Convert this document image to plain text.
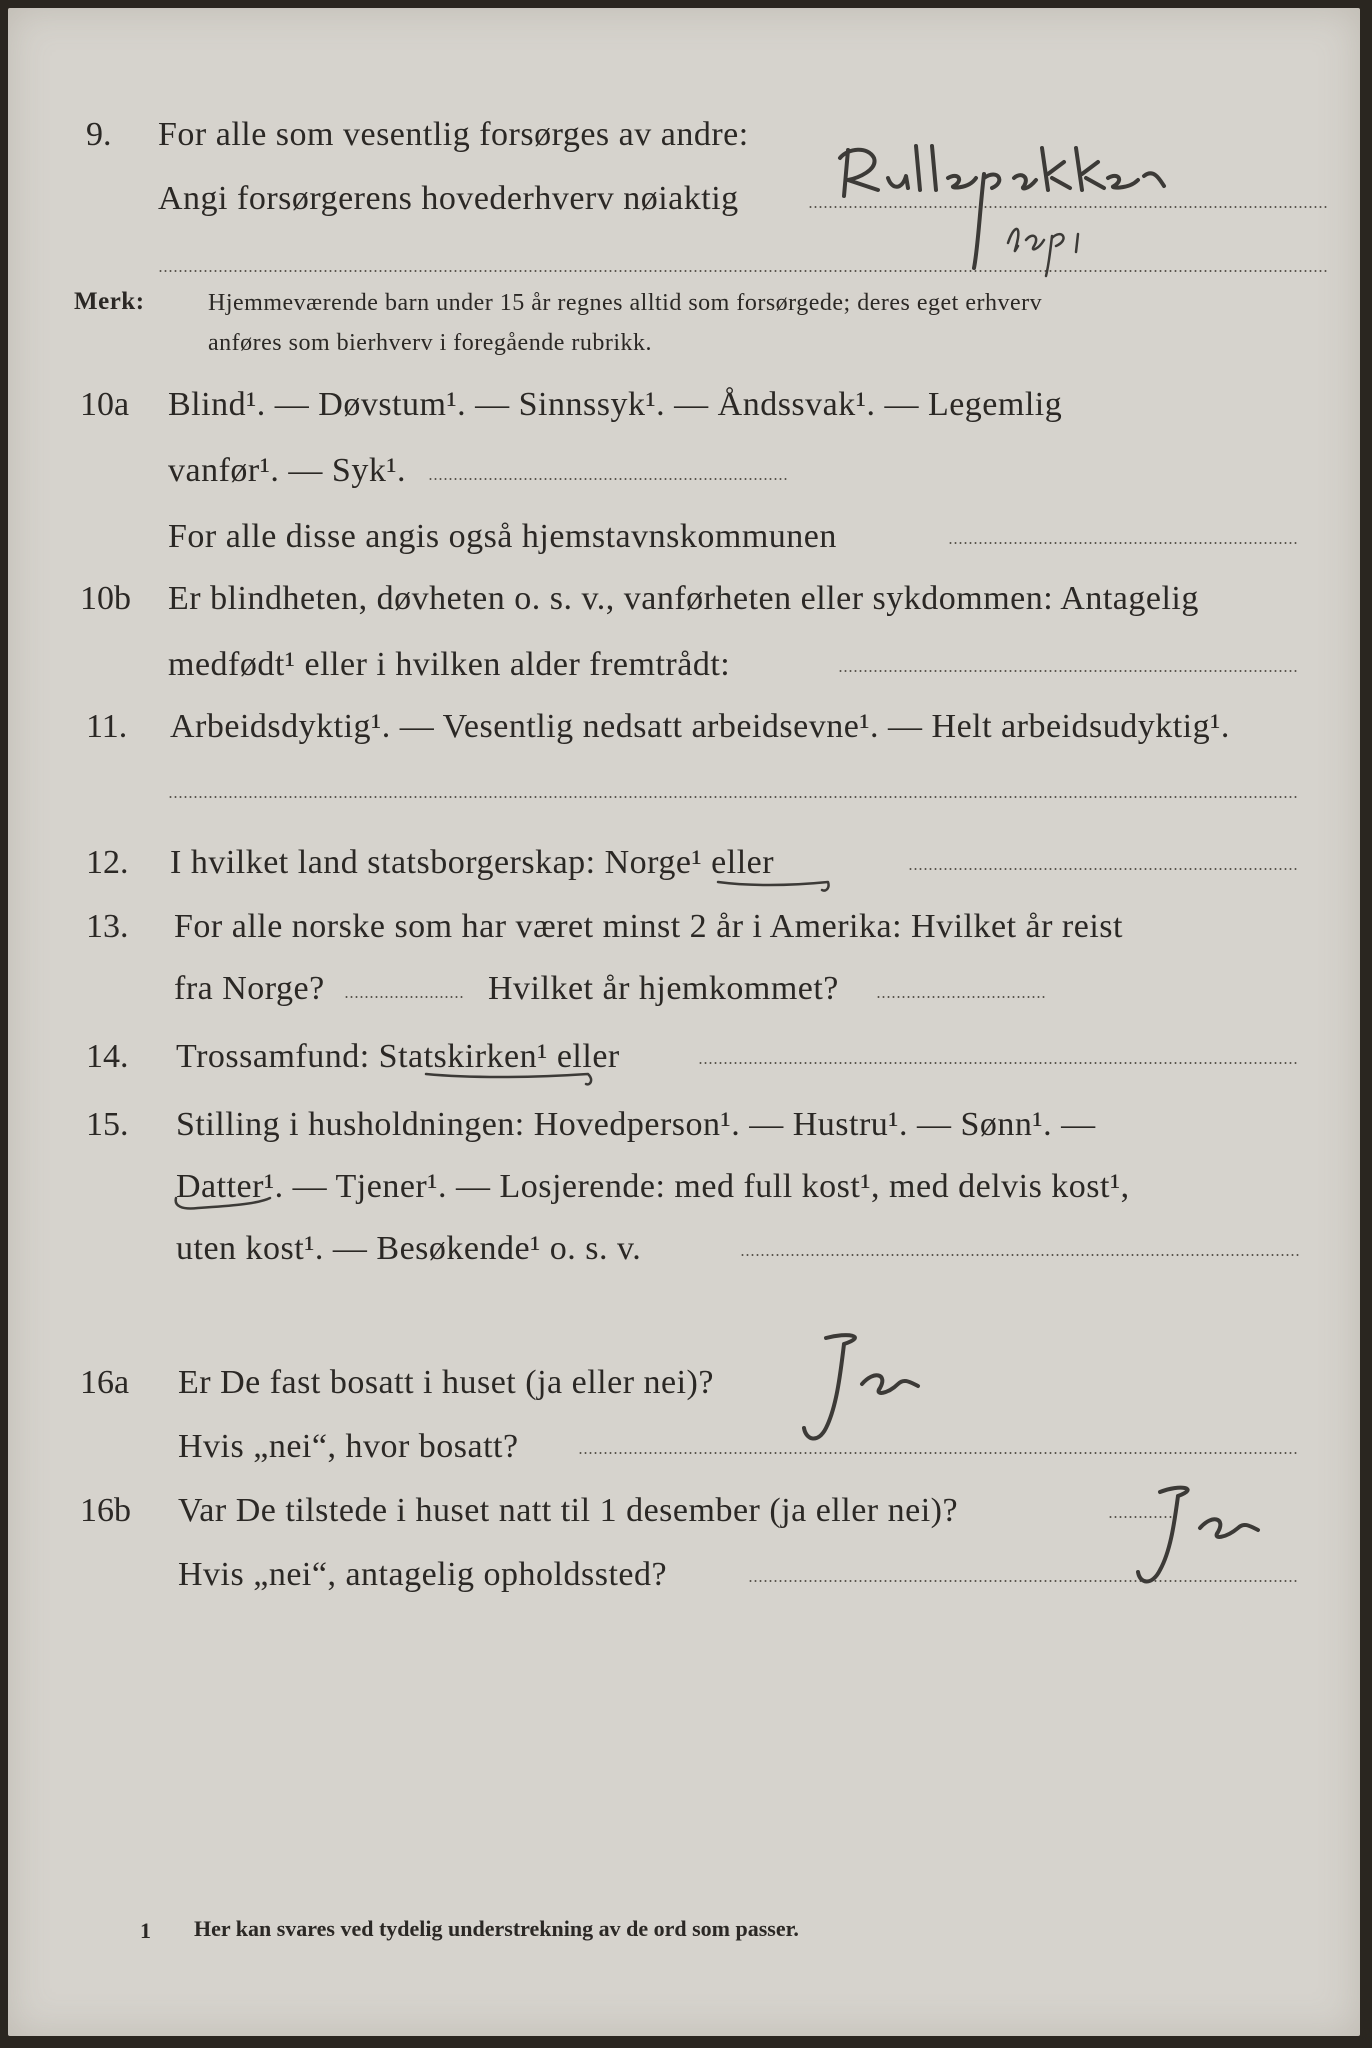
9. For alle som vesentlig forsørges av andre:
Angi forsørgerens hovederhverv nøiaktig
Merk:	Hjemmeværende barn under 15 år regnes alltid som forsørgede; deres eget erhverv
anføres som bierhverv i foregående rubrikk.
10a Blind¹. — Døvstum¹. — Sinnssyk¹. — Åndssvak¹. — Legemlig
vanfør¹. — Syk¹.
For alle disse angis også hjemstavnskommunen
10b Er blindheten, døvheten o. s. v., vanførheten eller sykdommen: Antagelig
medfødt¹ eller i hvilken alder fremtrådt:
11. Arbeidsdyktig¹. — Vesentlig nedsatt arbeidsevne¹. — Helt arbeidsudyktig¹.
12. I hvilket land statsborgerskap: Norge¹ eller
13. For alle norske som har været minst 2 år i Amerika: Hvilket år reist
fra Norge?	Hvilket år hjemkommet?
14. Trossamfund: Statskirken¹ eller
15. Stilling i husholdningen: Hovedperson¹. — Hustru¹. — Sønn¹. —
Datter¹. — Tjener¹. — Losjerende: med full kost¹, med delvis kost¹,
uten kost¹. — Besøkende¹ o. s. v.
16a Er De fast bosatt i huset (ja eller nei)?
Hvis „nei“, hvor bosatt?
16b Var De tilstede i huset natt til 1 desember (ja eller nei)?
Hvis „nei“, antagelig opholdssted?
1 Her kan svares ved tydelig understrekning av de ord som passer.
